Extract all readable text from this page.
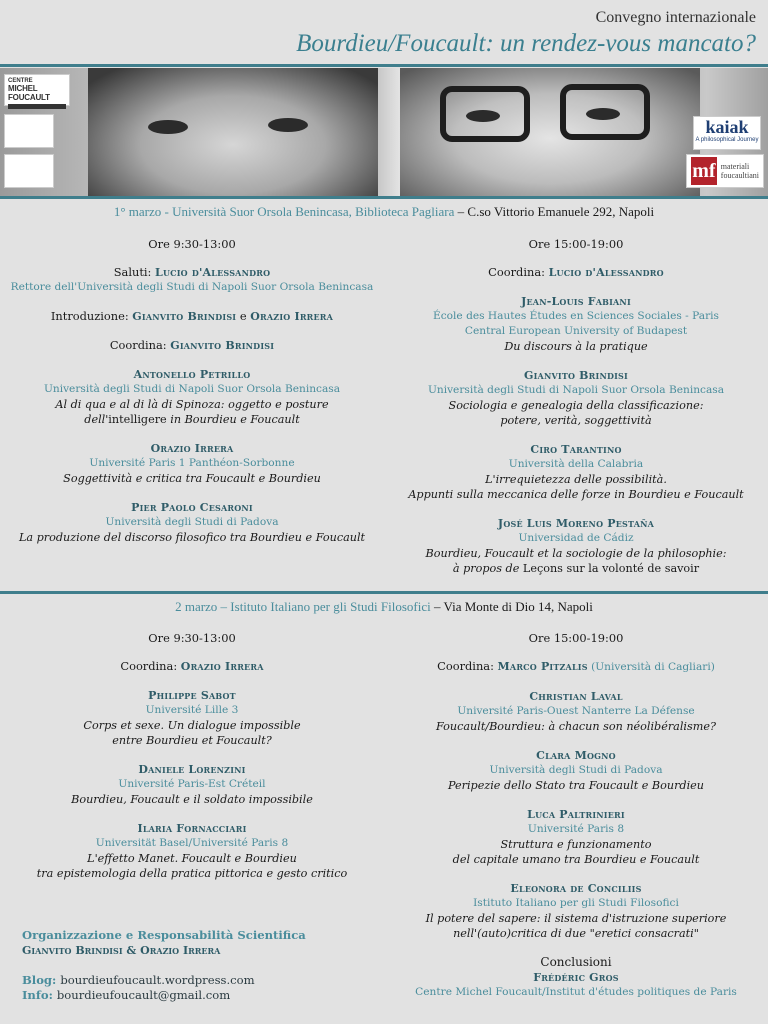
Convegno internazionale
Bourdieu/Foucault: un rendez-vous mancato?
CENTRE
MICHEL FOUCAULT
kaiak
A philosophical Journey
mf materiali
foucaultiani
1° marzo - Università Suor Orsola Benincasa, Biblioteca Pagliara – C.so Vittorio Emanuele 292, Napoli
Ore 9:30-13:00
Saluti: Lucio d'Alessandro
Rettore dell'Università degli Studi di Napoli Suor Orsola Benincasa
Introduzione: Gianvito Brindisi e Orazio Irrera
Coordina: Gianvito Brindisi
Antonello Petrillo
Università degli Studi di Napoli Suor Orsola Benincasa
Al di qua e al di là di Spinoza: oggetto e posture
dell'intelligere in Bourdieu e Foucault
Orazio Irrera
Université Paris 1 Panthéon-Sorbonne
Soggettività e critica tra Foucault e Bourdieu
Pier Paolo Cesaroni
Università degli Studi di Padova
La produzione del discorso filosofico tra Bourdieu e Foucault
Ore 15:00-19:00
Coordina: Lucio d'Alessandro
Jean-Louis Fabiani
École des Hautes Études en Sciences Sociales - Paris
Central European University of Budapest
Du discours à la pratique
Gianvito Brindisi
Università degli Studi di Napoli Suor Orsola Benincasa
Sociologia e genealogia della classificazione:
potere, verità, soggettività
Ciro Tarantino
Università della Calabria
L'irrequietezza delle possibilità.
Appunti sulla meccanica delle forze in Bourdieu e Foucault
José Luis Moreno Pestaña
Universidad de Cádiz
Bourdieu, Foucault et la sociologie de la philosophie:
à propos de Leçons sur la volonté de savoir
2 marzo – Istituto Italiano per gli Studi Filosofici – Via Monte di Dio 14, Napoli
Ore 9:30-13:00
Coordina: Orazio Irrera
Philippe Sabot
Université Lille 3
Corps et sexe. Un dialogue impossible
entre Bourdieu et Foucault?
Daniele Lorenzini
Université Paris-Est Créteil
Bourdieu, Foucault e il soldato impossibile
Ilaria Fornacciari
Universität Basel/Université Paris 8
L'effetto Manet. Foucault e Bourdieu
tra epistemologia della pratica pittorica e gesto critico
Ore 15:00-19:00
Coordina: Marco Pitzalis (Università di Cagliari)
Christian Laval
Université Paris-Ouest Nanterre La Défense
Foucault/Bourdieu: à chacun son néolibéralisme?
Clara Mogno
Università degli Studi di Padova
Peripezie dello Stato tra Foucault e Bourdieu
Luca Paltrinieri
Université Paris 8
Struttura e funzionamento
del capitale umano tra Bourdieu e Foucault
Eleonora de Conciliis
Istituto Italiano per gli Studi Filosofici
Il potere del sapere: il sistema d'istruzione superiore
nell'(auto)critica di due "eretici consacrati"
Conclusioni
Frédéric Gros
Centre Michel Foucault/Institut d'études politiques de Paris
Organizzazione e Responsabilità Scientifica
Gianvito Brindisi & Orazio Irrera
Blog: bourdieufoucault.wordpress.com
Info: bourdieufoucault@gmail.com
